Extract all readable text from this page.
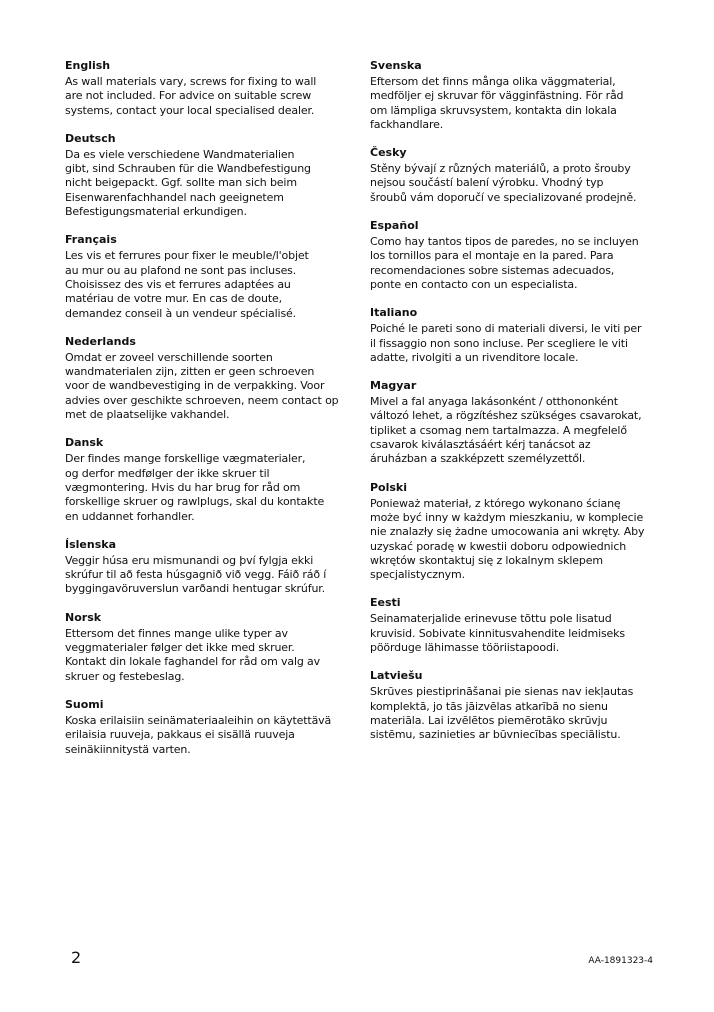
English

As wall materials vary, screws for fixing to wall
are not included. For advice on suitable screw
systems, contact your local specialised dealer.

Deutsch

Da es viele verschiedene Wandmaterialien
gibt, sind Schrauben für die Wandbefestigung
nicht beigepackt. Ggf. sollte man sich beim
Eisenwarenfachhandel nach geeignetem
Befestigungsmaterial erkundigen.

Français

Les vis et ferrures pour fixer le meuble/l'objet
au mur ou au plafond ne sont pas incluses.
Choisissez des vis et ferrures adaptées au
matériau de votre mur. En cas de doute,
demandez conseil à un vendeur spécialisé.

Nederlands

Omdat er zoveel verschillende soorten
wandmaterialen zijn, zitten er geen schroeven
voor de wandbevestiging in de verpakking. Voor
advies over geschikte schroeven, neem contact op
met de plaatselijke vakhandel.

Dansk

Der findes mange forskellige vægmaterialer,
og derfor medfølger der ikke skruer til
vægmontering. Hvis du har brug for råd om
forskellige skruer og rawlplugs, skal du kontakte
en uddannet forhandler.

Íslenska

Veggir húsa eru mismunandi og því fylgja ekki
skrúfur til að festa húsgagnið við vegg. Fáið ráð í
byggingavöruverslun varðandi hentugar skrúfur.

Norsk

Ettersom det finnes mange ulike typer av
veggmaterialer følger det ikke med skruer.
Kontakt din lokale faghandel for råd om valg av
skruer og festebeslag.

Suomi

Koska erilaisiin seinämateriaaleihin on käytettävä
erilaisia ruuveja, pakkaus ei sisällä ruuveja
seinäkiinnitystä varten.

Svenska

Eftersom det finns många olika väggmaterial,
medföljer ej skruvar för vägginfästning. För råd
om lämpliga skruvsystem, kontakta din lokala
fackhandlare.

Česky

Stěny bývají z různých materiálů, a proto šrouby
nejsou součástí balení výrobku. Vhodný typ
šroubů vám doporučí ve specializované prodejně.

Español

Como hay tantos tipos de paredes, no se incluyen
los tornillos para el montaje en la pared. Para
recomendaciones sobre sistemas adecuados,
ponte en contacto con un especialista.

Italiano

Poiché le pareti sono di materiali diversi, le viti per
il fissaggio non sono incluse. Per scegliere le viti
adatte, rivolgiti a un rivenditore locale.

Magyar

Mivel a fal anyaga lakásonként / otthononként
változó lehet, a rögzítéshez szükséges csavarokat,
tipliket a csomag nem tartalmazza. A megfelelő
csavarok kiválasztásáért kérj tanácsot az
áruházban a szakképzett személyzettől.

Polski

Ponieważ materiał, z którego wykonano ścianę
może być inny w każdym mieszkaniu, w komplecie
nie znalazły się żadne umocowania ani wkręty. Aby
uzyskać poradę w kwestii doboru odpowiednich
wkrętów skontaktuj się z lokalnym sklepem
specjalistycznym.

Eesti

Seinamaterjalide erinevuse tõttu pole lisatud
kruvisid. Sobivate kinnitusvahendite leidmiseks
pöörduge lähimasse tööriistapoodi.

Latviešu

Skrūves piestiprināšanai pie sienas nav iekļautas
komplektā, jo tās jāizvēlas atkarībā no sienu
materiāla. Lai izvēlētos piemērotāko skrūvju
sistēmu, sazinieties ar būvniecības speciālistu.

2	AA-1891323-4
